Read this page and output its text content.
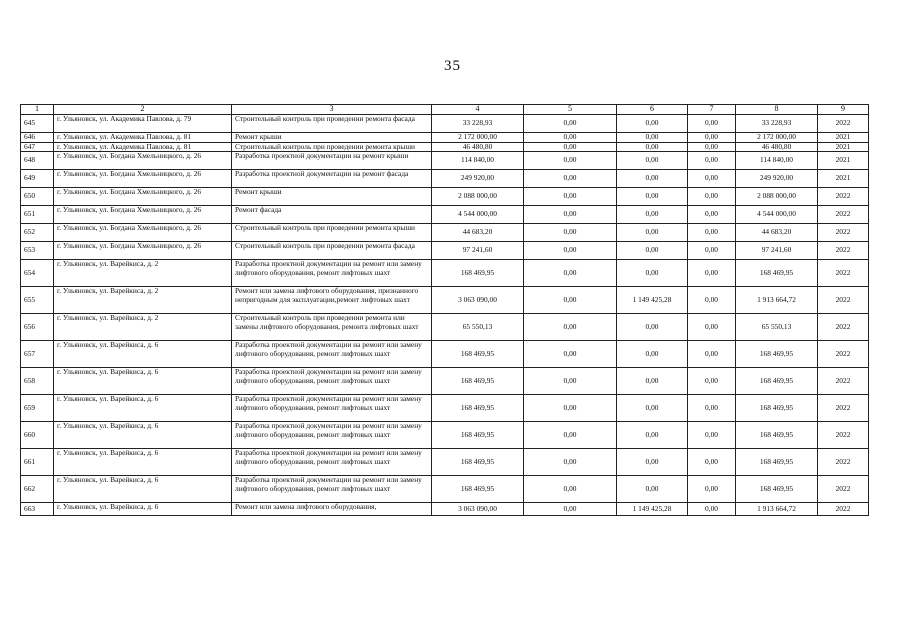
35
1	2	3	4	5	6	7	8	9
645	г. Ульяновск, ул. Академика Павлова, д. 79	Строительный контроль при проведении ремонта фасада	33 228,93	0,00	0,00	0,00	33 228,93	2022
646	г. Ульяновск, ул. Академика Павлова, д. 81	Ремонт крыши	2 172 000,00	0,00	0,00	0,00	2 172 000,00	2021
647	г. Ульяновск, ул. Академика Павлова, д. 81	Строительный контроль при проведении ремонта крыши	46 480,80	0,00	0,00	0,00	46 480,80	2021
648	г. Ульяновск, ул. Богдана Хмельницкого, д. 26	Разработка проектной документации на ремонт крыши	114 840,00	0,00	0,00	0,00	114 840,00	2021
649	г. Ульяновск, ул. Богдана Хмельницкого, д. 26	Разработка проектной документации на ремонт фасада	249 920,00	0,00	0,00	0,00	249 920,00	2021
650	г. Ульяновск, ул. Богдана Хмельницкого, д. 26	Ремонт крыши	2 088 000,00	0,00	0,00	0,00	2 088 000,00	2022
651	г. Ульяновск, ул. Богдана Хмельницкого, д. 26	Ремонт фасада	4 544 000,00	0,00	0,00	0,00	4 544 000,00	2022
652	г. Ульяновск, ул. Богдана Хмельницкого, д. 26	Строительный контроль при проведении ремонта крыши	44 683,20	0,00	0,00	0,00	44 683,20	2022
653	г. Ульяновск, ул. Богдана Хмельницкого, д. 26	Строительный контроль при проведении ремонта фасада	97 241,60	0,00	0,00	0,00	97 241,60	2022
654	г. Ульяновск, ул. Варейкиса, д. 2	Разработка проектной документации на ремонт или замену лифтового оборудования, ремонт лифтовых шахт	168 469,95	0,00	0,00	0,00	168 469,95	2022
655	г. Ульяновск, ул. Варейкиса, д. 2	Ремонт или замена лифтового оборудования, признанного непригодным для эксплуатации,ремонт лифтовых шахт	3 063 090,00	0,00	1 149 425,28	0,00	1 913 664,72	2022
656	г. Ульяновск, ул. Варейкиса, д. 2	Строительный контроль при проведении ремонта или замены лифтового оборудования, ремонта лифтовых шахт	65 550,13	0,00	0,00	0,00	65 550,13	2022
657	г. Ульяновск, ул. Варейкиса, д. 6	Разработка проектной документации на ремонт или замену лифтового оборудования, ремонт лифтовых шахт	168 469,95	0,00	0,00	0,00	168 469,95	2022
658	г. Ульяновск, ул. Варейкиса, д. 6	Разработка проектной документации на ремонт или замену лифтового оборудования, ремонт лифтовых шахт	168 469,95	0,00	0,00	0,00	168 469,95	2022
659	г. Ульяновск, ул. Варейкиса, д. 6	Разработка проектной документации на ремонт или замену лифтового оборудования, ремонт лифтовых шахт	168 469,95	0,00	0,00	0,00	168 469,95	2022
660	г. Ульяновск, ул. Варейкиса, д. 6	Разработка проектной документации на ремонт или замену лифтового оборудования, ремонт лифтовых шахт	168 469,95	0,00	0,00	0,00	168 469,95	2022
661	г. Ульяновск, ул. Варейкиса, д. 6	Разработка проектной документации на ремонт или замену лифтового оборудования, ремонт лифтовых шахт	168 469,95	0,00	0,00	0,00	168 469,95	2022
662	г. Ульяновск, ул. Варейкиса, д. 6	Разработка проектной документации на ремонт или замену лифтового оборудования, ремонт лифтовых шахт	168 469,95	0,00	0,00	0,00	168 469,95	2022
663	г. Ульяновск, ул. Варейкиса, д. 6	Ремонт или замена лифтового оборудования,	3 063 090,00	0,00	1 149 425,28	0,00	1 913 664,72	2022
